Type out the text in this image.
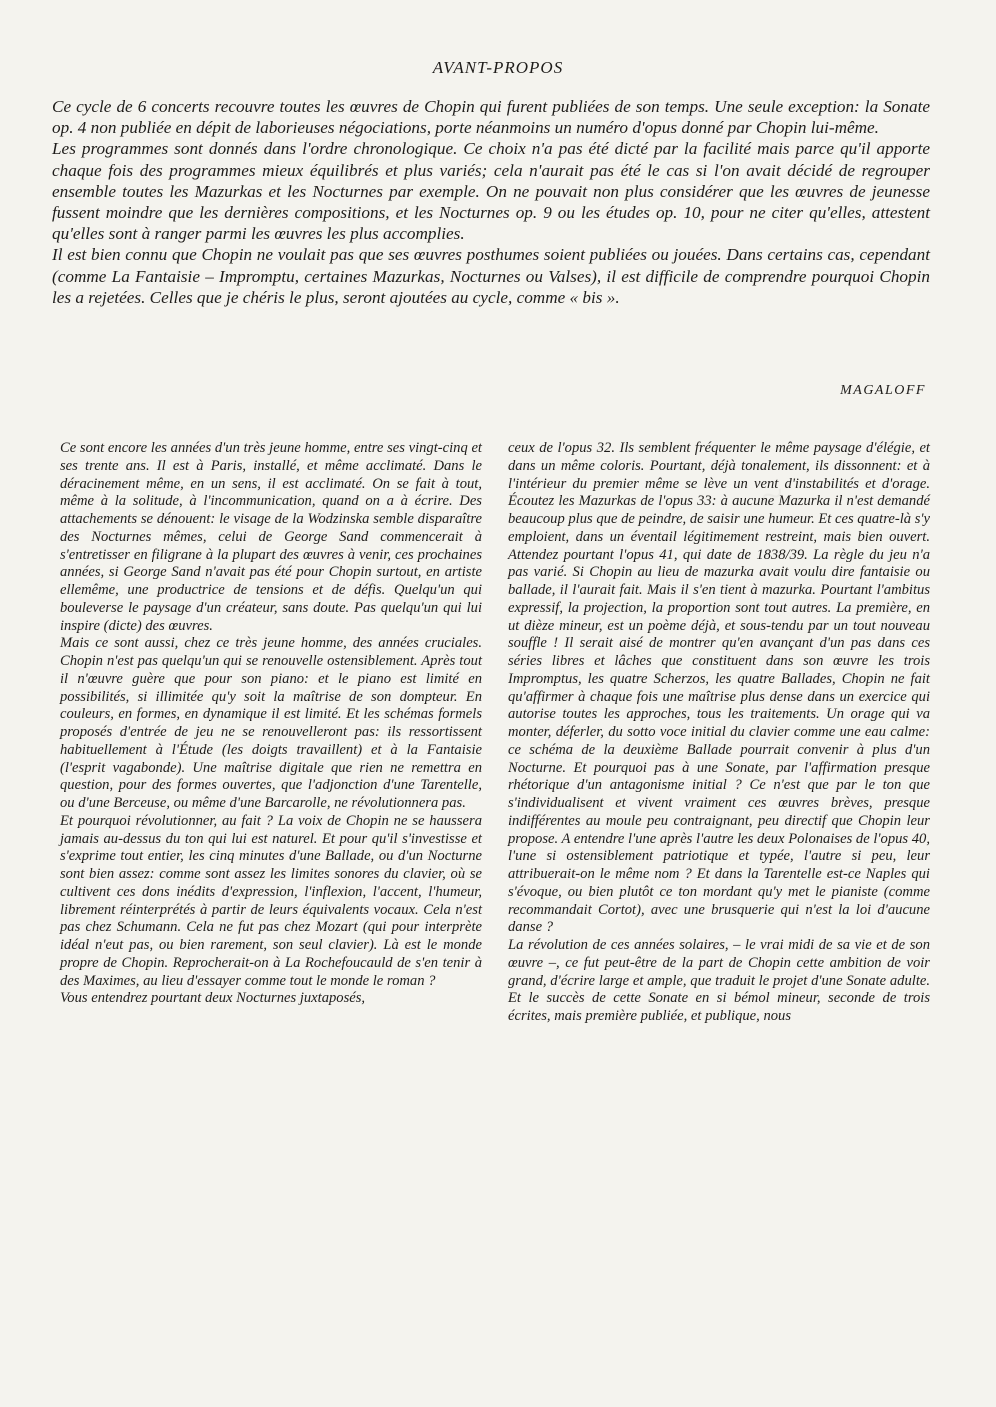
AVANT-PROPOS

Ce cycle de 6 concerts recouvre toutes les œuvres de Chopin qui furent publiées de son temps. Une seule exception: la Sonate op. 4 non publiée en dépit de laborieuses négociations, porte néanmoins un numéro d'opus donné par Chopin lui-même.

Les programmes sont donnés dans l'ordre chronologique. Ce choix n'a pas été dicté par la facilité mais parce qu'il apporte chaque fois des programmes mieux équilibrés et plus variés; cela n'aurait pas été le cas si l'on avait décidé de regrouper ensemble toutes les Mazurkas et les Nocturnes par exemple. On ne pouvait non plus considérer que les œuvres de jeunesse fussent moindre que les dernières compositions, et les Nocturnes op. 9 ou les études op. 10, pour ne citer qu'elles, attestent qu'elles sont à ranger parmi les œuvres les plus accomplies.

Il est bien connu que Chopin ne voulait pas que ses œuvres posthumes soient publiées ou jouées. Dans certains cas, cependant (comme La Fantaisie – Impromptu, certaines Mazurkas, Nocturnes ou Valses), il est difficile de comprendre pourquoi Chopin les a rejetées. Celles que je chéris le plus, seront ajoutées au cycle, comme « bis ».

MAGALOFF

Ce sont encore les années d'un très jeune homme, entre ses vingt-cinq et ses trente ans. Il est à Paris, installé, et même acclimaté. Dans le déracinement même, en un sens, il est acclimaté. On se fait à tout, même à la solitude, à l'incommunication, quand on a à écrire. Des attachements se dénouent: le visage de la Wodzinska semble disparaître des Nocturnes mêmes, celui de George Sand commencerait à s'entretisser en filigrane à la plupart des œuvres à venir, ces prochaines années, si George Sand n'avait pas été pour Chopin surtout, en artiste ellemême, une productrice de tensions et de défis. Quelqu'un qui bouleverse le paysage d'un créateur, sans doute. Pas quelqu'un qui lui inspire (dicte) des œuvres.

Mais ce sont aussi, chez ce très jeune homme, des années cruciales. Chopin n'est pas quelqu'un qui se renouvelle ostensiblement. Après tout il n'œuvre guère que pour son piano: et le piano est limité en possibilités, si illimitée qu'y soit la maîtrise de son dompteur. En couleurs, en formes, en dynamique il est limité. Et les schémas formels proposés d'entrée de jeu ne se renouvelleront pas: ils ressortissent habituellement à l'Étude (les doigts travaillent) et à la Fantaisie (l'esprit vagabonde). Une maîtrise digitale que rien ne remettra en question, pour des formes ouvertes, que l'adjonction d'une Tarentelle, ou d'une Berceuse, ou même d'une Barcarolle, ne révolutionnera pas.

Et pourquoi révolutionner, au fait ? La voix de Chopin ne se haussera jamais au-dessus du ton qui lui est naturel. Et pour qu'il s'investisse et s'exprime tout entier, les cinq minutes d'une Ballade, ou d'un Nocturne sont bien assez: comme sont assez les limites sonores du clavier, où se cultivent ces dons inédits d'expression, l'inflexion, l'accent, l'humeur, librement réinterprétés à partir de leurs équivalents vocaux. Cela n'est pas chez Schumann. Cela ne fut pas chez Mozart (qui pour interprète idéal n'eut pas, ou bien rarement, son seul clavier). Là est le monde propre de Chopin. Reprocherait-on à La Rochefoucauld de s'en tenir à des Maximes, au lieu d'essayer comme tout le monde le roman ?

Vous entendrez pourtant deux Nocturnes juxtaposés,

ceux de l'opus 32. Ils semblent fréquenter le même paysage d'élégie, et dans un même coloris. Pourtant, déjà tonalement, ils dissonnent: et à l'intérieur du premier même se lève un vent d'instabilités et d'orage. Écoutez les Mazurkas de l'opus 33: à aucune Mazurka il n'est demandé beaucoup plus que de peindre, de saisir une humeur. Et ces quatre-là s'y emploient, dans un éventail légitimement restreint, mais bien ouvert. Attendez pourtant l'opus 41, qui date de 1838/39. La règle du jeu n'a pas varié. Si Chopin au lieu de mazurka avait voulu dire fantaisie ou ballade, il l'aurait fait. Mais il s'en tient à mazurka. Pourtant l'ambitus expressif, la projection, la proportion sont tout autres. La première, en ut dièze mineur, est un poème déjà, et sous-tendu par un tout nouveau souffle ! Il serait aisé de montrer qu'en avançant d'un pas dans ces séries libres et lâches que constituent dans son œuvre les trois Impromptus, les quatre Scherzos, les quatre Ballades, Chopin ne fait qu'affirmer à chaque fois une maîtrise plus dense dans un exercice qui autorise toutes les approches, tous les traitements. Un orage qui va monter, déferler, du sotto voce initial du clavier comme une eau calme: ce schéma de la deuxième Ballade pourrait convenir à plus d'un Nocturne. Et pourquoi pas à une Sonate, par l'affirmation presque rhétorique d'un antagonisme initial ? Ce n'est que par le ton que s'individualisent et vivent vraiment ces œuvres brèves, presque indifférentes au moule peu contraignant, peu directif que Chopin leur propose. A entendre l'une après l'autre les deux Polonaises de l'opus 40, l'une si ostensiblement patriotique et typée, l'autre si peu, leur attribuerait-on le même nom ? Et dans la Tarentelle est-ce Naples qui s'évoque, ou bien plutôt ce ton mordant qu'y met le pianiste (comme recommandait Cortot), avec une brusquerie qui n'est la loi d'aucune danse ?

La révolution de ces années solaires, – le vrai midi de sa vie et de son œuvre –, ce fut peut-être de la part de Chopin cette ambition de voir grand, d'écrire large et ample, que traduit le projet d'une Sonate adulte. Et le succès de cette Sonate en si bémol mineur, seconde de trois écrites, mais première publiée, et publique, nous
